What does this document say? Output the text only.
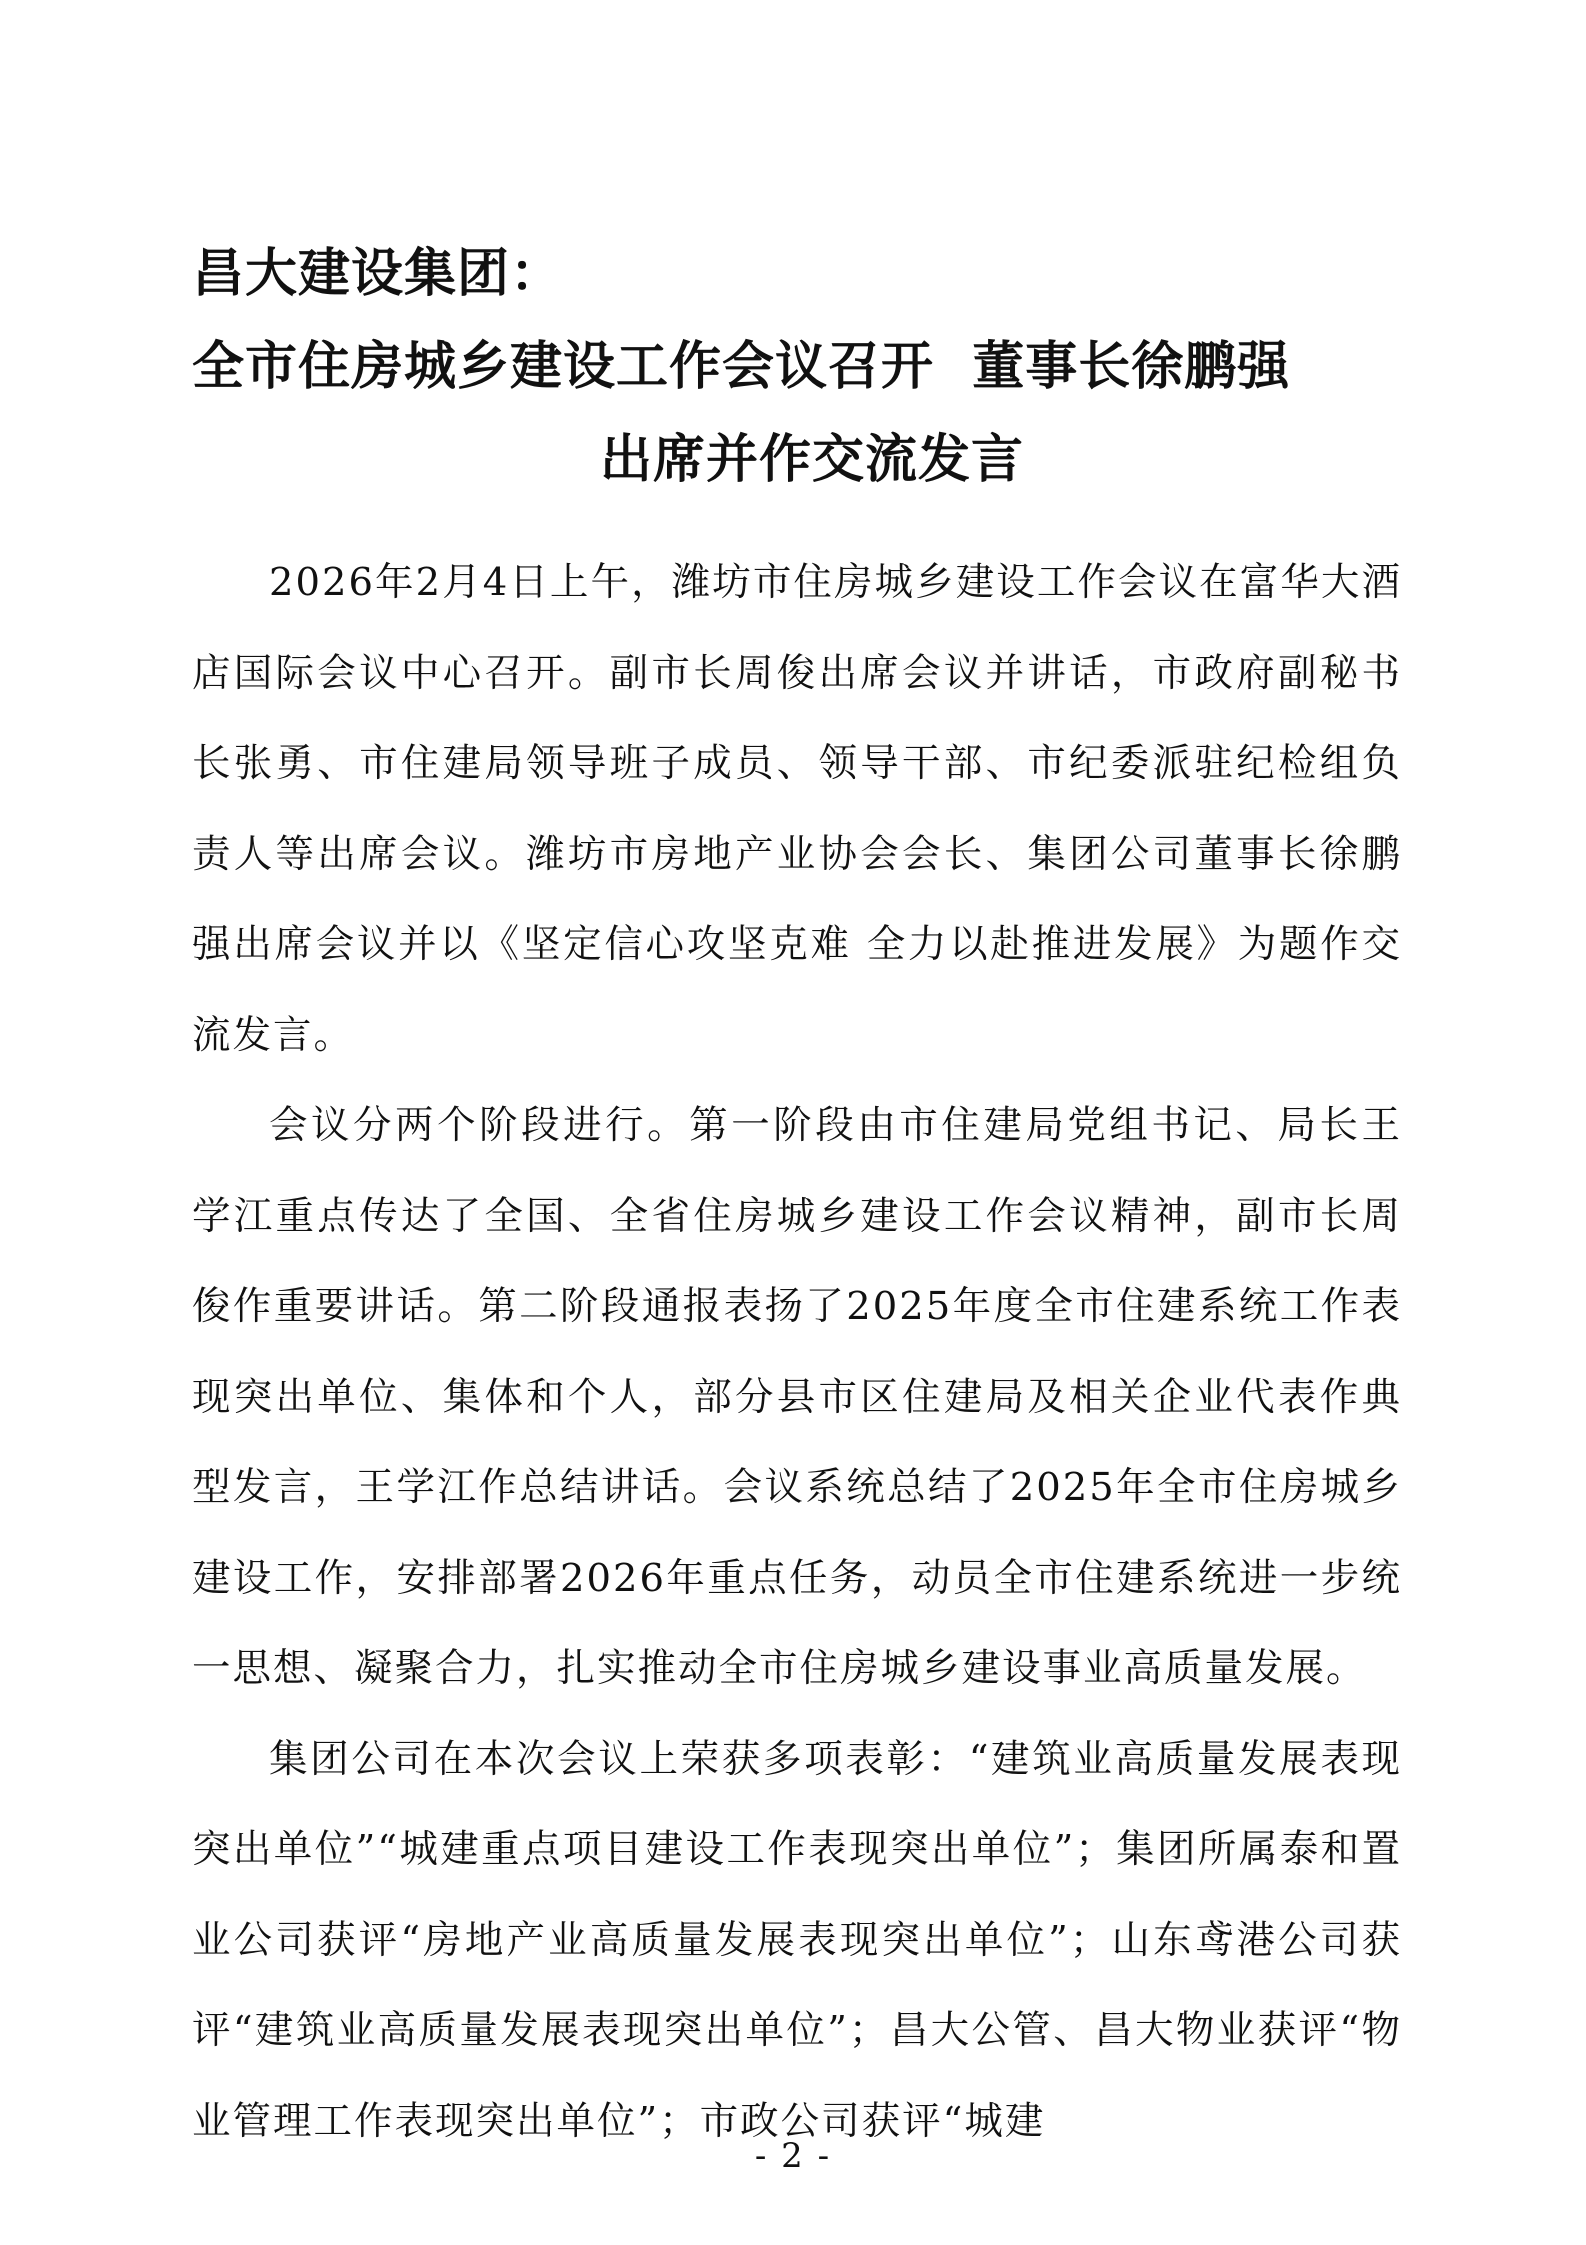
昌大建设集团：
全市住房城乡建设工作会议召开  董事长徐鹏强
出席并作交流发言

2026年2月4日上午，潍坊市住房城乡建设工作会议在富华大酒店国际会议中心召开。副市长周俊出席会议并讲话，市政府副秘书长张勇、市住建局领导班子成员、领导干部、市纪委派驻纪检组负责人等出席会议。潍坊市房地产业协会会长、集团公司董事长徐鹏强出席会议并以《坚定信心攻坚克难 全力以赴推进发展》为题作交流发言。

会议分两个阶段进行。第一阶段由市住建局党组书记、局长王学江重点传达了全国、全省住房城乡建设工作会议精神，副市长周俊作重要讲话。第二阶段通报表扬了2025年度全市住建系统工作表现突出单位、集体和个人，部分县市区住建局及相关企业代表作典型发言，王学江作总结讲话。会议系统总结了2025年全市住房城乡建设工作，安排部署2026年重点任务，动员全市住建系统进一步统一思想、凝聚合力，扎实推动全市住房城乡建设事业高质量发展。

集团公司在本次会议上荣获多项表彰：“建筑业高质量发展表现突出单位”“城建重点项目建设工作表现突出单位”；集团所属泰和置业公司获评“房地产业高质量发展表现突出单位”；山东鸢港公司获评“建筑业高质量发展表现突出单位”；昌大公管、昌大物业获评“物业管理工作表现突出单位”；市政公司获评“城建

- 2 -
